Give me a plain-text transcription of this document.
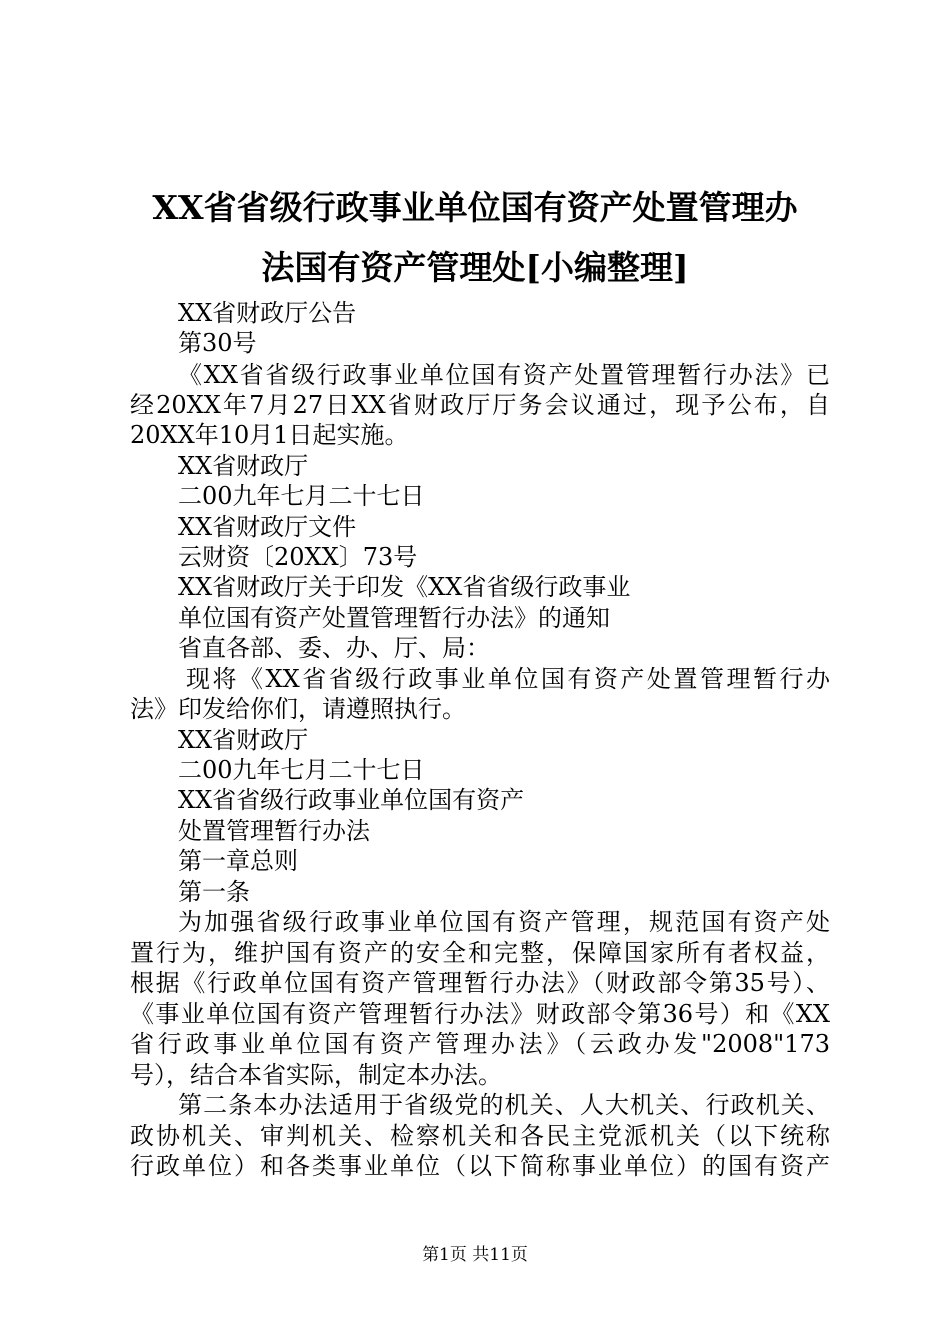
XX省省级行政事业单位国有资产处置管理办
法国有资产管理处[小编整理]

XX省财政厅公告

第30号

《XX省省级行政事业单位国有资产处置管理暂行办法》已

经20XX年7月27日XX省财政厅厅务会议通过，现予公布，自

20XX年10月1日起实施。

XX省财政厅

二00九年七月二十七日

XX省财政厅文件

云财资〔20XX〕73号

XX省财政厅关于印发《XX省省级行政事业

单位国有资产处置管理暂行办法》的通知

省直各部、委、办、厅、局：

现将《XX省省级行政事业单位国有资产处置管理暂行办

法》印发给你们，请遵照执行。

XX省财政厅

二00九年七月二十七日

XX省省级行政事业单位国有资产

处置管理暂行办法

第一章总则

第一条

为加强省级行政事业单位国有资产管理，规范国有资产处

置行为，维护国有资产的安全和完整，保障国家所有者权益，

根据《行政单位国有资产管理暂行办法》（财政部令第35号）、

《事业单位国有资产管理暂行办法》财政部令第36号）和《XX

省行政事业单位国有资产管理办法》（云政办发"2008"173

号），结合本省实际，制定本办法。

第二条本办法适用于省级党的机关、人大机关、行政机关、

政协机关、审判机关、检察机关和各民主党派机关（以下统称

行政单位）和各类事业单位（以下简称事业单位）的国有资产

第1页 共11页
